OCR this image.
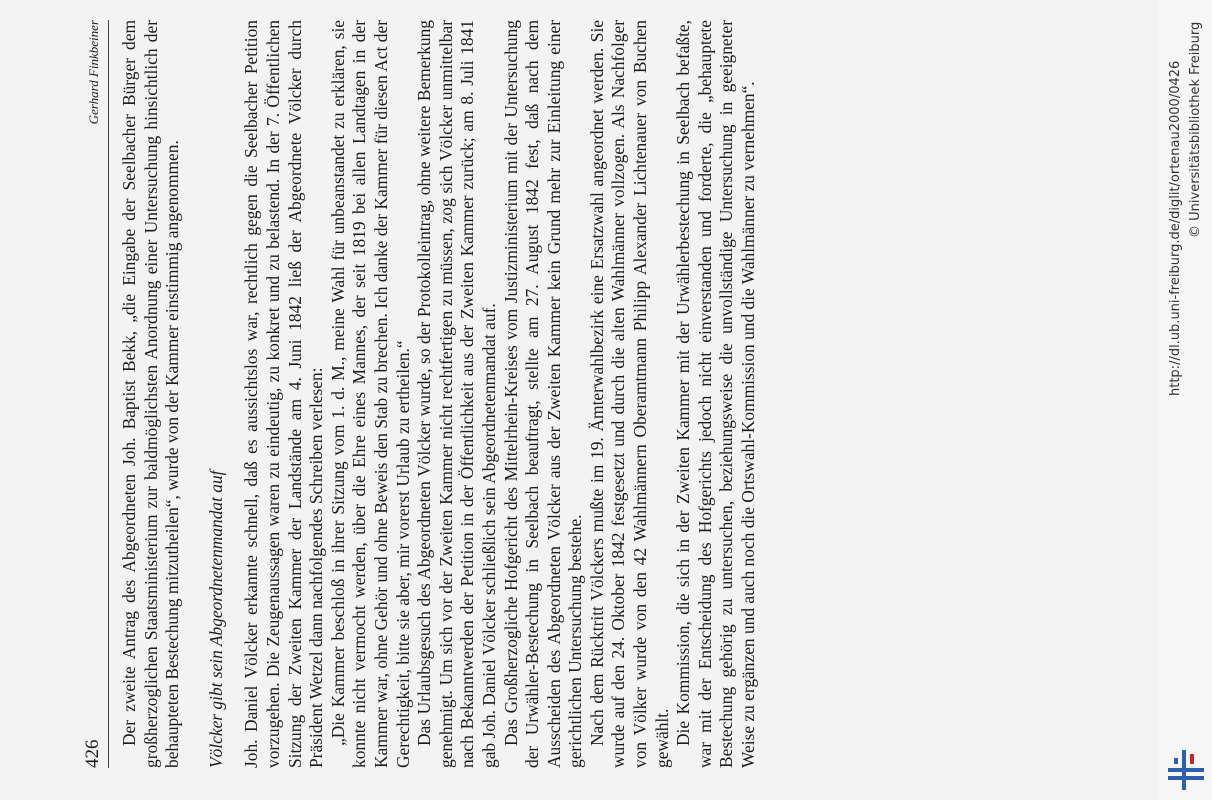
426
Gerhard Finkbeiner Der zweite Antrag des Abgeordneten Joh. Baptist Bekk, „die Eingabe der Seelbacher Bürger dem großherzoglichen Staatsministerium zur baldmöglichsten Anordnung einer Untersuchung hinsichtlich der behaupteten Bestechung mitzutheilen“, wurde von der Kammer einstimmig angenommen. Völcker gibt sein Abgeordnetenmandat auf Joh. Daniel Völcker erkannte schnell, daß es aussichtslos war, rechtlich gegen die Seelbacher Petition vorzugehen. Die Zeugenaussagen waren zu eindeutig, zu konkret und zu belastend. In der 7. Öffentlichen Sitzung der Zweiten Kammer der Landstände am 4. Juni 1842 ließ der Abgeordnete Völcker durch Präsident Wetzel dann nachfolgendes Schreiben verlesen: „Die Kammer beschloß in ihrer Sitzung vom 1. d. M., meine Wahl für unbeanstandet zu erklären, sie konnte nicht vermocht werden, über die Ehre eines Mannes, der seit 1819 bei allen Landtagen in der Kammer war, ohne Gehör und ohne Beweis den Stab zu brechen. Ich danke der Kammer für diesen Act der Gerechtigkeit, bitte sie aber, mir vorerst Urlaub zu ertheilen.“ Das Urlaubsgesuch des Abgeordneten Völcker wurde, so der Protokolleintrag, ohne weitere Bemerkung genehmigt. Um sich vor der Zweiten Kammer nicht rechtfertigen zu müssen, zog sich Völcker unmittelbar nach Bekanntwerden der Petition in der Öffentlichkeit aus der Zweiten Kammer zurück; am 8. Juli 1841 gab Joh. Daniel Völcker schließlich sein Abgeordnetenmandat auf. Das Großherzogliche Hofgericht des Mittelrhein-Kreises vom Justizministerium mit der Untersuchung der Urwähler-Bestechung in Seelbach beauftragt, stellte am 27. August 1842 fest, daß nach dem Ausscheiden des Abgeordneten Völcker aus der Zweiten Kammer kein Grund mehr zur Einleitung einer gerichtlichen Untersuchung bestehe. Nach dem Rücktritt Völckers mußte im 19. Ämterwahlbezirk eine Ersatzwahl angeordnet werden. Sie wurde auf den 24. Oktober 1842 festgesetzt und durch die alten Wahlmänner vollzogen. Als Nachfolger von Völker wurde von den 42 Wahlmännern Oberamtmann Philipp Alexander Lichtenauer von Buchen gewählt. Die Kommission, die sich in der Zweiten Kammer mit der Urwählerbestechung in Seelbach befaßte, war mit der Entscheidung des Hofgerichts jedoch nicht einverstanden und forderte, die „behauptete Bestechung gehörig zu untersuchen, beziehungsweise die unvollständige Untersuchung in geeigneter Weise zu ergänzen und auch noch die Ortswahl-Kommission und die Wahlmänner zu vernehmen“.	http://dl.ub.uni-freiburg.de/diglit/ortenau2000/0426 © Universitätsbibliothek Freiburg
